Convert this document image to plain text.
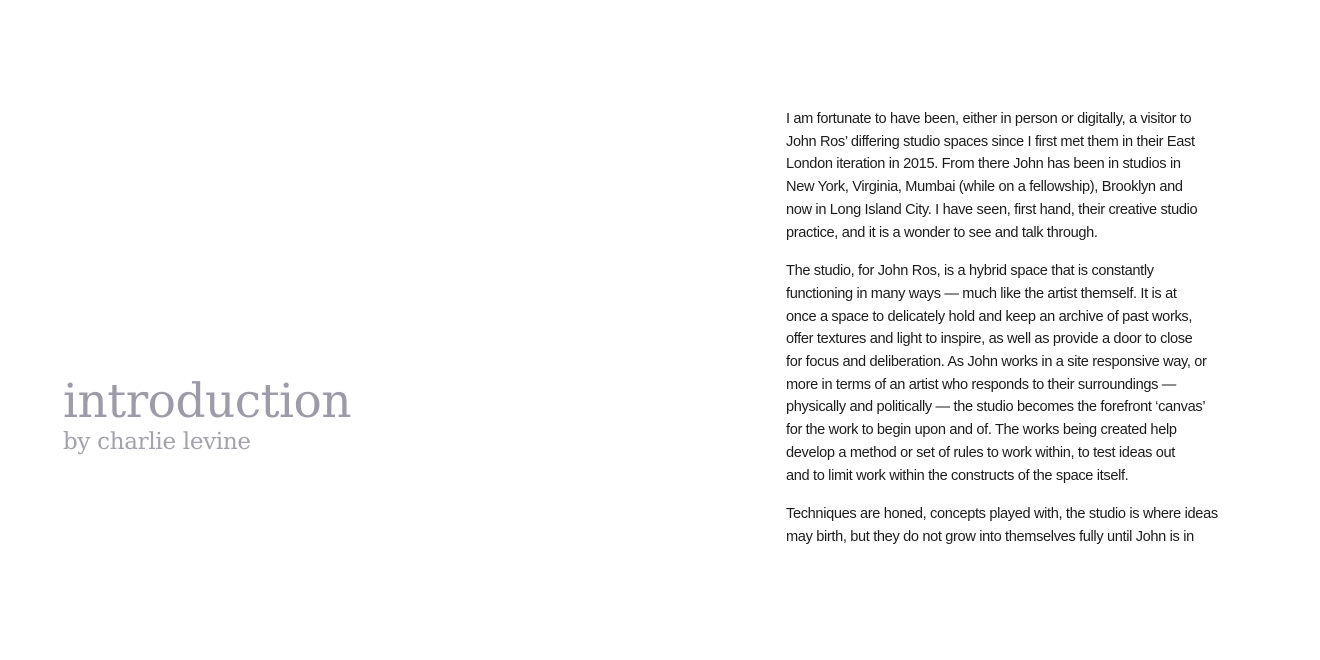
introduction

by charlie levine

I am fortunate to have been, either in person or digitally, a visitor to
John Ros’ differing studio spaces since I first met them in their East
London iteration in 2015. From there John has been in studios in
New York, Virginia, Mumbai (while on a fellowship), Brooklyn and
now in Long Island City. I have seen, first hand, their creative studio
practice, and it is a wonder to see and talk through.

The studio, for John Ros, is a hybrid space that is constantly
functioning in many ways — much like the artist themself. It is at
once a space to delicately hold and keep an archive of past works,
offer textures and light to inspire, as well as provide a door to close
for focus and deliberation. As John works in a site responsive way, or
more in terms of an artist who responds to their surroundings —
physically and politically — the studio becomes the forefront ‘canvas’
for the work to begin upon and of. The works being created help
develop a method or set of rules to work within, to test ideas out
and to limit work within the constructs of the space itself.

Techniques are honed, concepts played with, the studio is where ideas
may birth, but they do not grow into themselves fully until John is in
